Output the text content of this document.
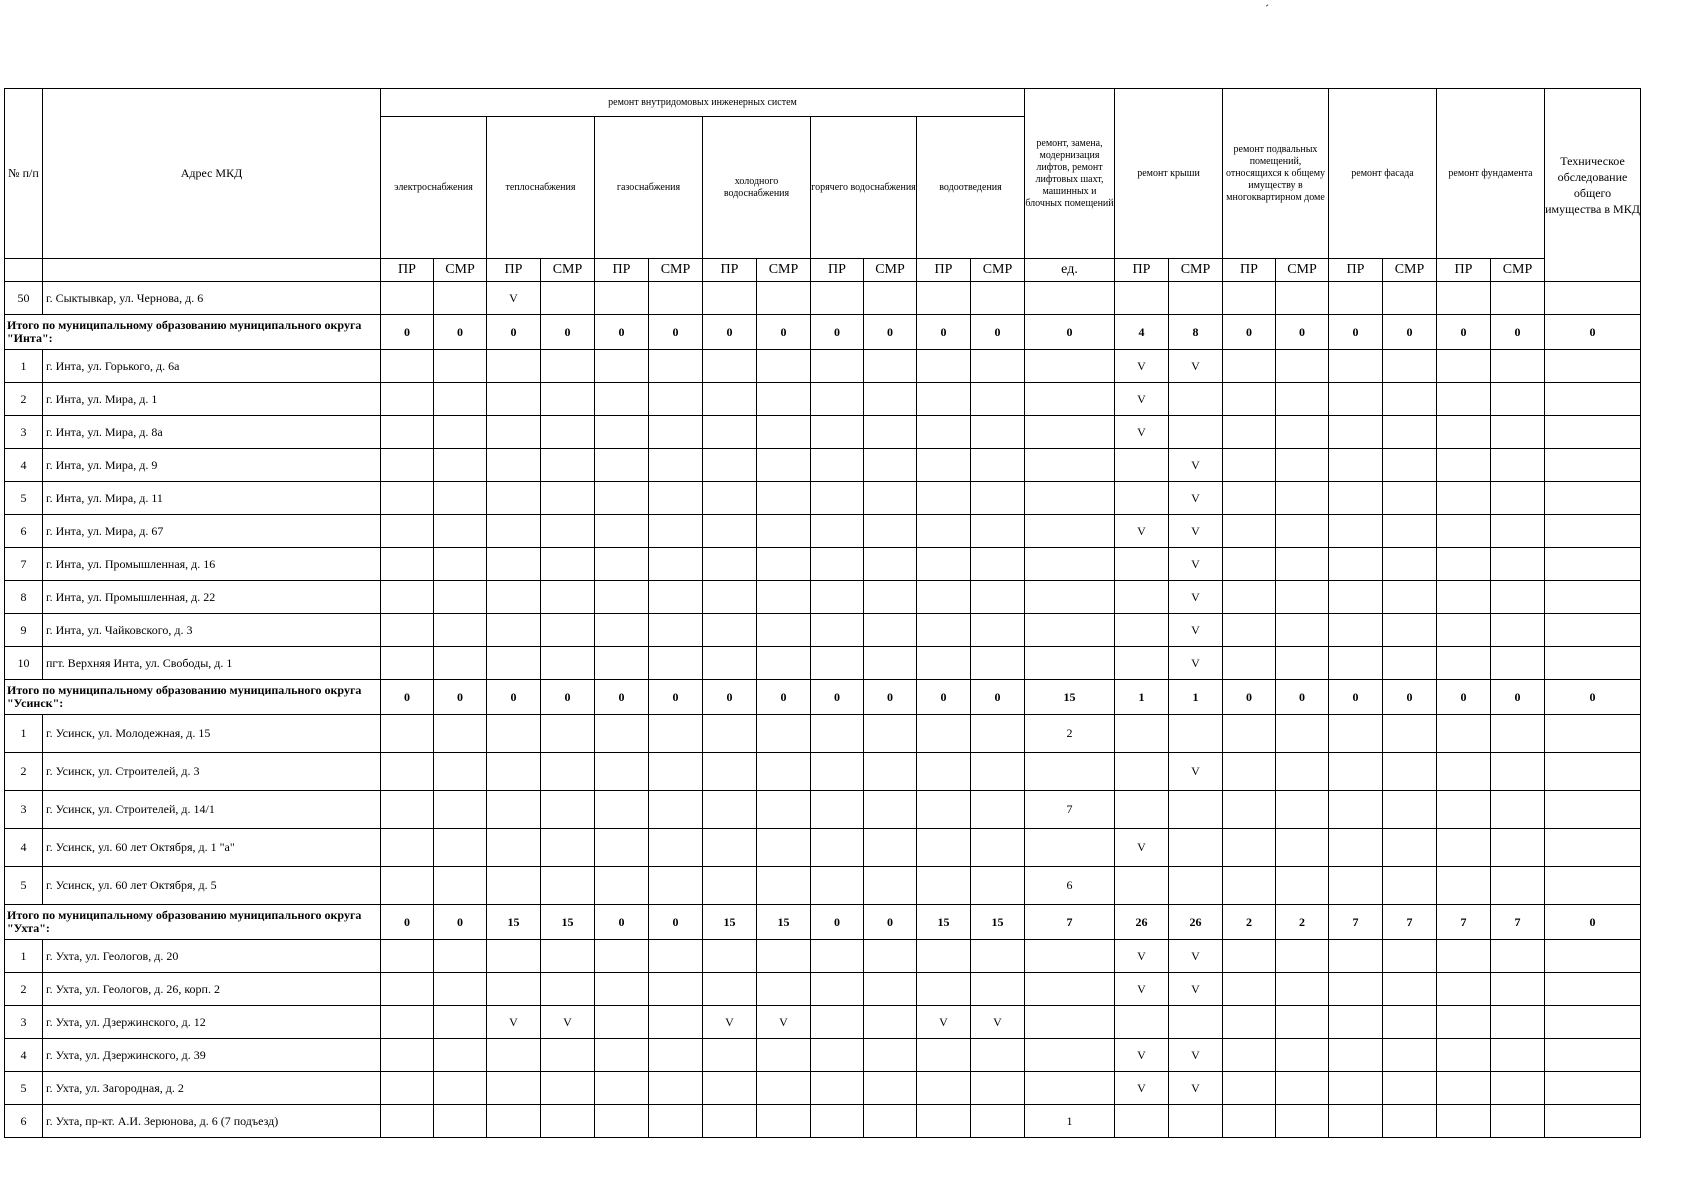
ˊ
№ п/п	Адрес МКД	ремонт внутридомовых инженерных систем												ремонт, замена, модернизация лифтов, ремонт лифтовых шахт, машинных и блочных помещений	ремонт крыши		ремонт подвальных помещений, относящихся к общему имуществу в многоквартирном доме		ремонт фасада		ремонт фундамента		Техническое обследование общего имущества в МКД
		электроснабжения		теплоснабжения		газоснабжения		холодного водоснабжения		горячего водоснабжения		водоотведения											
		ПР	СМР	ПР	СМР	ПР	СМР	ПР	СМР	ПР	СМР	ПР	СМР	ед.	ПР	СМР	ПР	СМР	ПР	СМР	ПР	СМР	
50	г. Сыктывкар, ул. Чернова, д. 6			V																			
Итого по муниципальному образованию муниципального округа "Инта":		0	0	0	0	0	0	0	0	0	0	0	0	0	4	8	0	0	0	0	0	0	0
1	г. Инта, ул. Горького, д. 6а														V	V							
2	г. Инта, ул. Мира, д. 1														V								
3	г. Инта, ул. Мира, д. 8а														V								
4	г. Инта, ул. Мира, д. 9															V							
5	г. Инта, ул. Мира, д. 11															V							
6	г. Инта, ул. Мира, д. 67														V	V							
7	г. Инта, ул. Промышленная, д. 16															V							
8	г. Инта, ул. Промышленная, д. 22															V							
9	г. Инта, ул. Чайковского, д. 3															V							
10	пгт. Верхняя Инта, ул. Свободы, д. 1															V							
Итого по муниципальному образованию муниципального округа "Усинск":		0	0	0	0	0	0	0	0	0	0	0	0	15	1	1	0	0	0	0	0	0	0
1	г. Усинск, ул. Молодежная, д. 15													2									
2	г. Усинск, ул. Строителей, д. 3															V							
3	г. Усинск, ул. Строителей, д. 14/1													7									
4	г. Усинск, ул. 60 лет Октября, д. 1 "а"														V								
5	г. Усинск, ул. 60 лет Октября, д. 5													6									
Итого по муниципальному образованию муниципального округа "Ухта":		0	0	15	15	0	0	15	15	0	0	15	15	7	26	26	2	2	7	7	7	7	0
1	г. Ухта, ул. Геологов, д. 20														V	V							
2	г. Ухта, ул. Геологов, д. 26, корп. 2														V	V							
3	г. Ухта, ул. Дзержинского, д. 12			V	V			V	V			V	V										
4	г. Ухта, ул. Дзержинского, д. 39														V	V							
5	г. Ухта, ул. Загородная, д. 2														V	V							
6	г. Ухта, пр-кт. А.И. Зерюнова, д. 6 (7 подъезд)													1									
